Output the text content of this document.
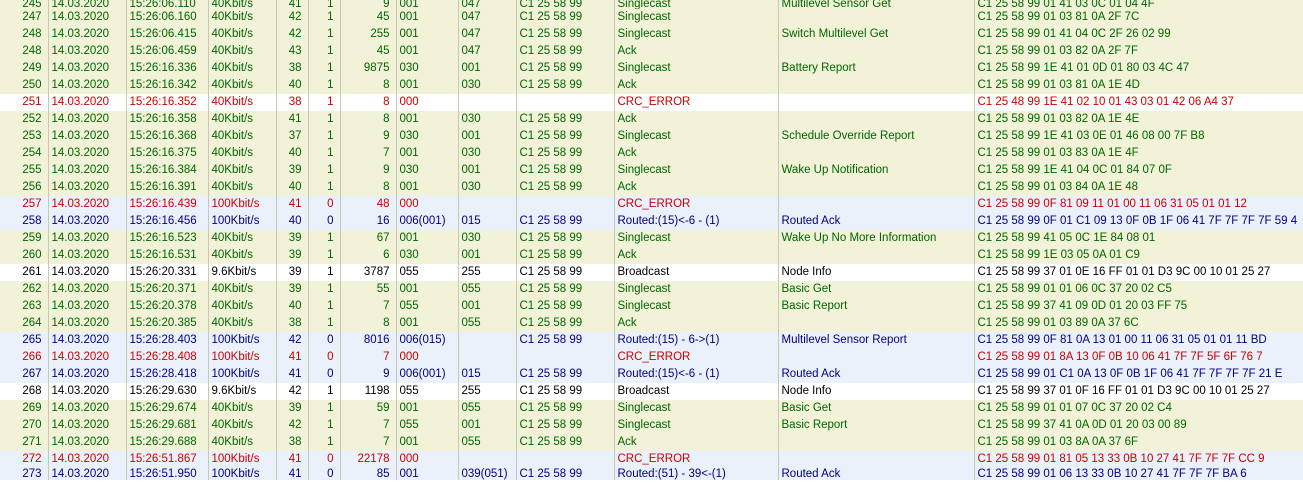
245	14.03.2020	15:26:06.110	40Kbit/s	41	1	9	001	047	C1 25 58 99	Singlecast	Multilevel Sensor Get	C1 25 58 99 01 41 03 0C 01 04 4F
247	14.03.2020	15:26:06.160	40Kbit/s	42	1	45	001	047	C1 25 58 99	Singlecast		C1 25 58 99 01 03 81 0A 2F 7C
248	14.03.2020	15:26:06.415	40Kbit/s	42	1	255	001	047	C1 25 58 99	Singlecast	Switch Multilevel Get	C1 25 58 99 01 41 04 0C 2F 26 02 99
248	14.03.2020	15:26:06.459	40Kbit/s	43	1	45	001	047	C1 25 58 99	Ack		C1 25 58 99 01 03 82 0A 2F 7F
249	14.03.2020	15:26:16.336	40Kbit/s	38	1	9875	030	001	C1 25 58 99	Singlecast	Battery Report	C1 25 58 99 1E 41 01 0D 01 80 03 4C 47
250	14.03.2020	15:26:16.342	40Kbit/s	40	1	8	001	030	C1 25 58 99	Ack		C1 25 58 99 01 03 81 0A 1E 4D
251	14.03.2020	15:26:16.352	40Kbit/s	38	1	8	000			CRC_ERROR		C1 25 48 99 1E 41 02 10 01 43 03 01 42 06 A4 37
252	14.03.2020	15:26:16.358	40Kbit/s	41	1	8	001	030	C1 25 58 99	Ack		C1 25 58 99 01 03 82 0A 1E 4E
253	14.03.2020	15:26:16.368	40Kbit/s	37	1	9	030	001	C1 25 58 99	Singlecast	Schedule Override Report	C1 25 58 99 1E 41 03 0E 01 46 08 00 7F B8
254	14.03.2020	15:26:16.375	40Kbit/s	40	1	7	001	030	C1 25 58 99	Ack		C1 25 58 99 01 03 83 0A 1E 4F
255	14.03.2020	15:26:16.384	40Kbit/s	39	1	9	030	001	C1 25 58 99	Singlecast	Wake Up Notification	C1 25 58 99 1E 41 04 0C 01 84 07 0F
256	14.03.2020	15:26:16.391	40Kbit/s	40	1	8	001	030	C1 25 58 99	Ack		C1 25 58 99 01 03 84 0A 1E 48
257	14.03.2020	15:26:16.439	100Kbit/s	41	0	48	000			CRC_ERROR		C1 25 58 99 0F 81 09 11 01 00 11 06 31 05 01 01 12
258	14.03.2020	15:26:16.456	100Kbit/s	40	0	16	006(001)	015	C1 25 58 99	Routed:(15)<-6 - (1)	Routed Ack	C1 25 58 99 0F 01 C1 09 13 0F 0B 1F 06 41 7F 7F 7F 7F 59 4
259	14.03.2020	15:26:16.523	40Kbit/s	39	1	67	001	030	C1 25 58 99	Singlecast	Wake Up No More Information	C1 25 58 99 41 05 0C 1E 84 08 01
260	14.03.2020	15:26:16.531	40Kbit/s	39	1	6	030	001	C1 25 58 99	Ack		C1 25 58 99 1E 03 05 0A 01 C9
261	14.03.2020	15:26:20.331	9.6Kbit/s	39	1	3787	055	255	C1 25 58 99	Broadcast	Node Info	C1 25 58 99 37 01 0E 16 FF 01 01 D3 9C 00 10 01 25 27
262	14.03.2020	15:26:20.371	40Kbit/s	39	1	55	001	055	C1 25 58 99	Singlecast	Basic Get	C1 25 58 99 01 01 06 0C 37 20 02 C5
263	14.03.2020	15:26:20.378	40Kbit/s	40	1	7	055	001	C1 25 58 99	Singlecast	Basic Report	C1 25 58 99 37 41 09 0D 01 20 03 FF 75
264	14.03.2020	15:26:20.385	40Kbit/s	38	1	8	001	055	C1 25 58 99	Ack		C1 25 58 99 01 03 89 0A 37 6C
265	14.03.2020	15:26:28.403	100Kbit/s	42	0	8016	006(015)		C1 25 58 99	Routed:(15) - 6->(1)	Multilevel Sensor Report	C1 25 58 99 0F 81 0A 13 01 00 11 06 31 05 01 01 11 BD
266	14.03.2020	15:26:28.408	100Kbit/s	41	0	7	000			CRC_ERROR		C1 25 58 99 01 8A 13 0F 0B 10 06 41 7F 7F 5F 6F 76 7
267	14.03.2020	15:26:28.418	100Kbit/s	41	0	9	006(001)	015	C1 25 58 99	Routed:(15)<-6 - (1)	Routed Ack	C1 25 58 99 01 C1 0A 13 0F 0B 1F 06 41 7F 7F 7F 7F 21 E
268	14.03.2020	15:26:29.630	9.6Kbit/s	42	1	1198	055	255	C1 25 58 99	Broadcast	Node Info	C1 25 58 99 37 01 0F 16 FF 01 01 D3 9C 00 10 01 25 27
269	14.03.2020	15:26:29.674	40Kbit/s	39	1	59	001	055	C1 25 58 99	Singlecast	Basic Get	C1 25 58 99 01 01 07 0C 37 20 02 C4
270	14.03.2020	15:26:29.681	40Kbit/s	42	1	7	055	001	C1 25 58 99	Singlecast	Basic Report	C1 25 58 99 37 41 0A 0D 01 20 03 00 89
271	14.03.2020	15:26:29.688	40Kbit/s	38	1	7	001	055	C1 25 58 99	Ack		C1 25 58 99 01 03 8A 0A 37 6F
272	14.03.2020	15:26:51.867	100Kbit/s	41	0	22178	000			CRC_ERROR		C1 25 58 99 01 81 05 13 33 0B 10 27 41 7F 7F 7F CC 9
273	14.03.2020	15:26:51.950	100Kbit/s	41	0	85	001	039(051)	C1 25 58 99	Routed:(51) - 39<-(1)	Routed Ack	C1 25 58 99 01 06 13 33 0B 10 27 41 7F 7F 7F BA 6
